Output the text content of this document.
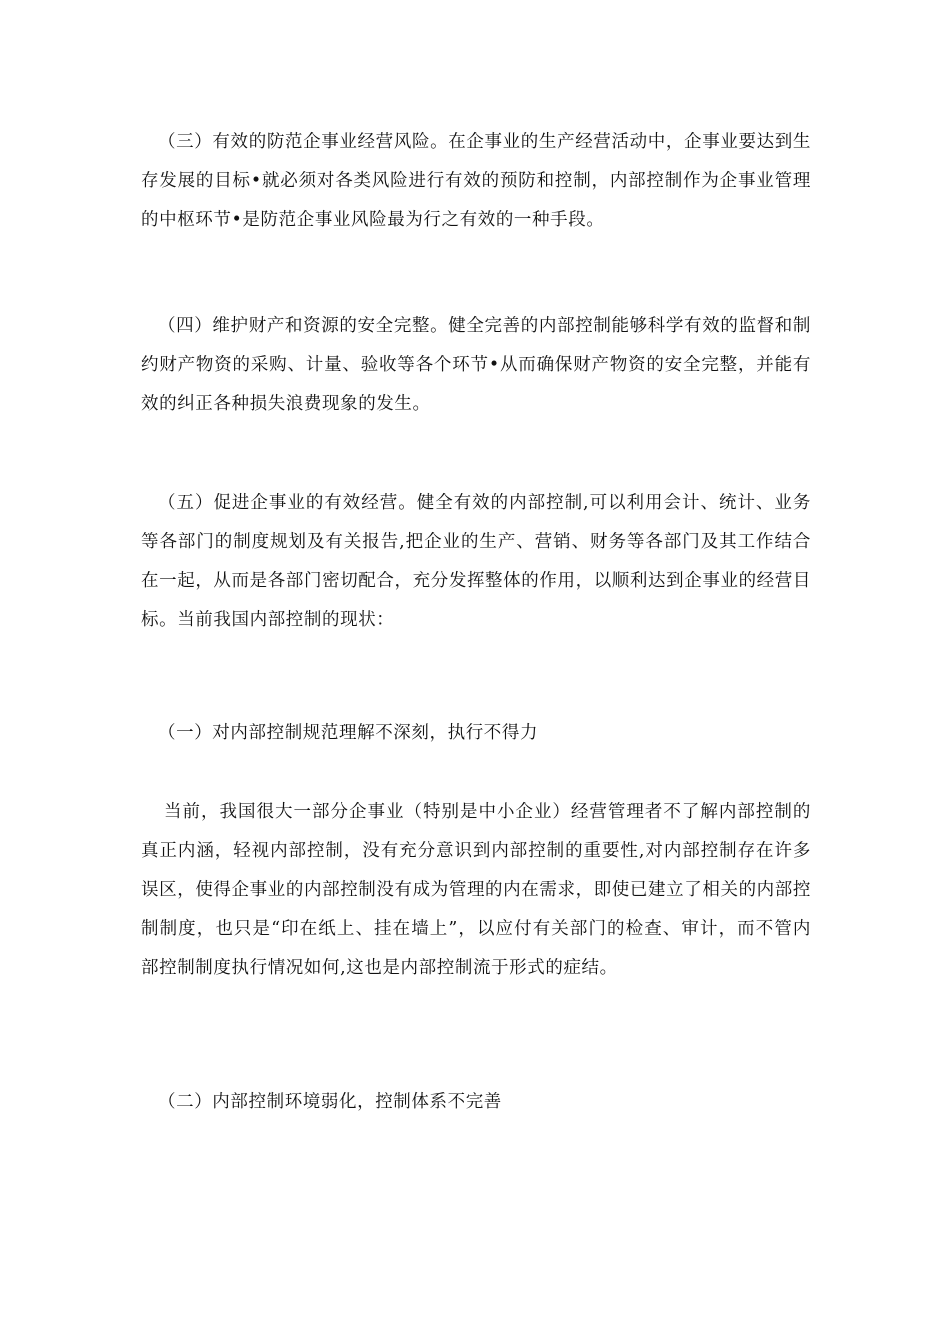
（三）有效的防范企事业经营风险。在企事业的生产经营活动中，企事业要达到生存发展的目标•就必须对各类风险进行有效的预防和控制，内部控制作为企事业管理的中枢环节•是防范企事业风险最为行之有效的一种手段。

（四）维护财产和资源的安全完整。健全完善的内部控制能够科学有效的监督和制约财产物资的采购、计量、验收等各个环节•从而确保财产物资的安全完整，并能有效的纠正各种损失浪费现象的发生。

（五）促进企事业的有效经营。健全有效的内部控制,可以利用会计、统计、业务等各部门的制度规划及有关报告,把企业的生产、营销、财务等各部门及其工作结合在一起，从而是各部门密切配合，充分发挥整体的作用，以顺利达到企事业的经营目标。当前我国内部控制的现状：

（一）对内部控制规范理解不深刻，执行不得力

当前，我国很大一部分企事业（特别是中小企业）经营管理者不了解内部控制的真正内涵，轻视内部控制，没有充分意识到内部控制的重要性,对内部控制存在许多误区，使得企事业的内部控制没有成为管理的内在需求，即使已建立了相关的内部控制制度，也只是“印在纸上、挂在墙上”，以应付有关部门的检查、审计，而不管内部控制制度执行情况如何,这也是内部控制流于形式的症结。

（二）内部控制环境弱化，控制体系不完善
